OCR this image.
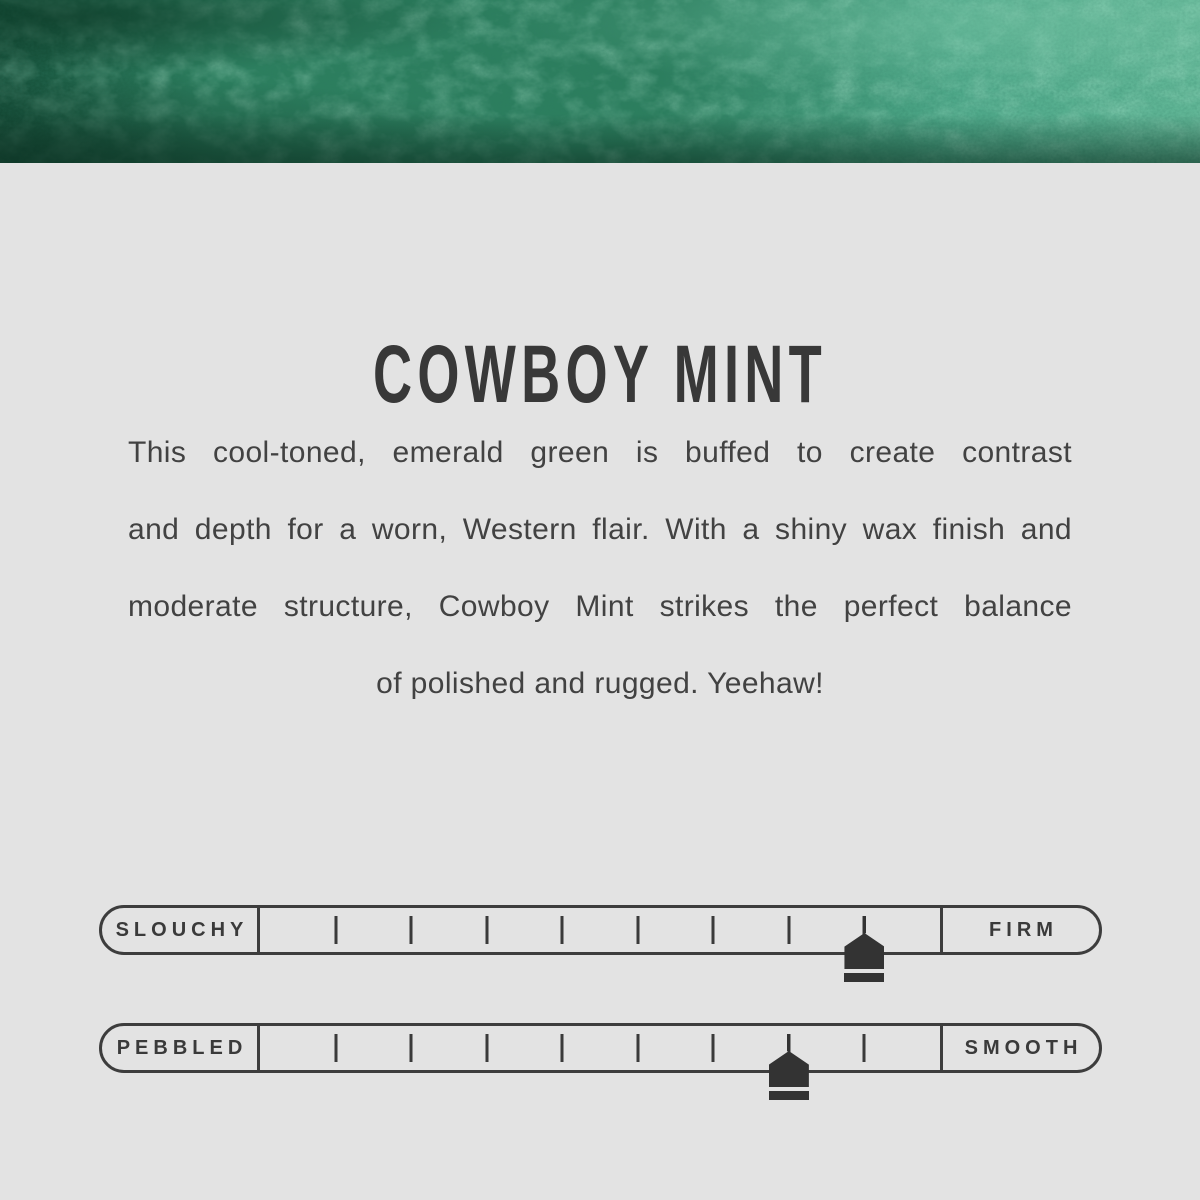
COWBOY MINT
This cool-toned, emerald green is buffed to create contrast
and depth for a worn, Western flair. With a shiny wax finish and
moderate structure, Cowboy Mint strikes the perfect balance
of polished and rugged. Yeehaw!
SLOUCHY	FIRM
PEBBLED	SMOOTH
